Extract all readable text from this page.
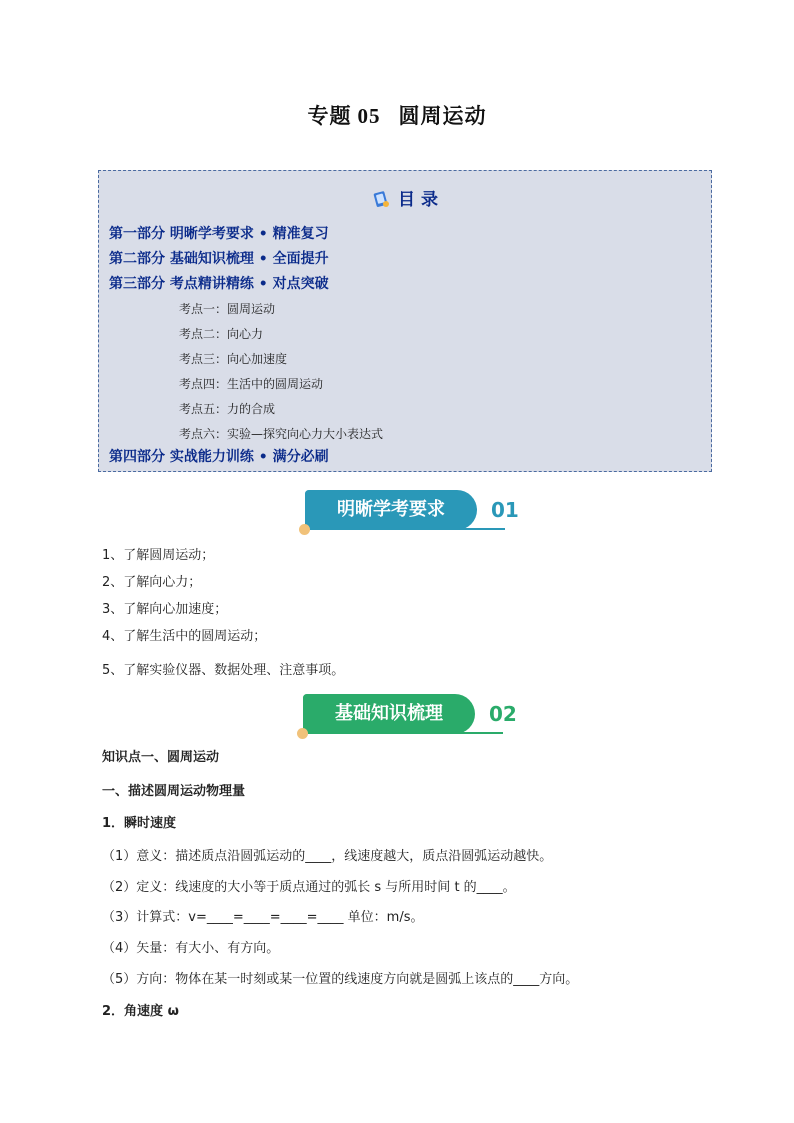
专题 05 圆周运动
目 录
第一部分 明晰学考要求 • 精准复习
第二部分 基础知识梳理 • 全面提升
第三部分 考点精讲精练 • 对点突破
考点一：圆周运动
考点二：向心力
考点三：向心加速度
考点四：生活中的圆周运动
考点五：力的合成
考点六：实验—探究向心力大小表达式
第四部分 实战能力训练 • 满分必刷
明晰学考要求	01
1、了解圆周运动；
2、了解向心力；
3、了解向心加速度；
4、了解生活中的圆周运动；
5、了解实验仪器、数据处理、注意事项。
基础知识梳理	02
知识点一、圆周运动
一、描述圆周运动物理量
1．瞬时速度
（1）意义：描述质点沿圆弧运动的____，线速度越大，质点沿圆弧运动越快。
（2）定义：线速度的大小等于质点通过的弧长 s 与所用时间 t 的____。
（3）计算式：v=____=____=____=____ 单位：m/s。
（4）矢量：有大小、有方向。
（5）方向：物体在某一时刻或某一位置的线速度方向就是圆弧上该点的____方向。
2．角速度 ω
